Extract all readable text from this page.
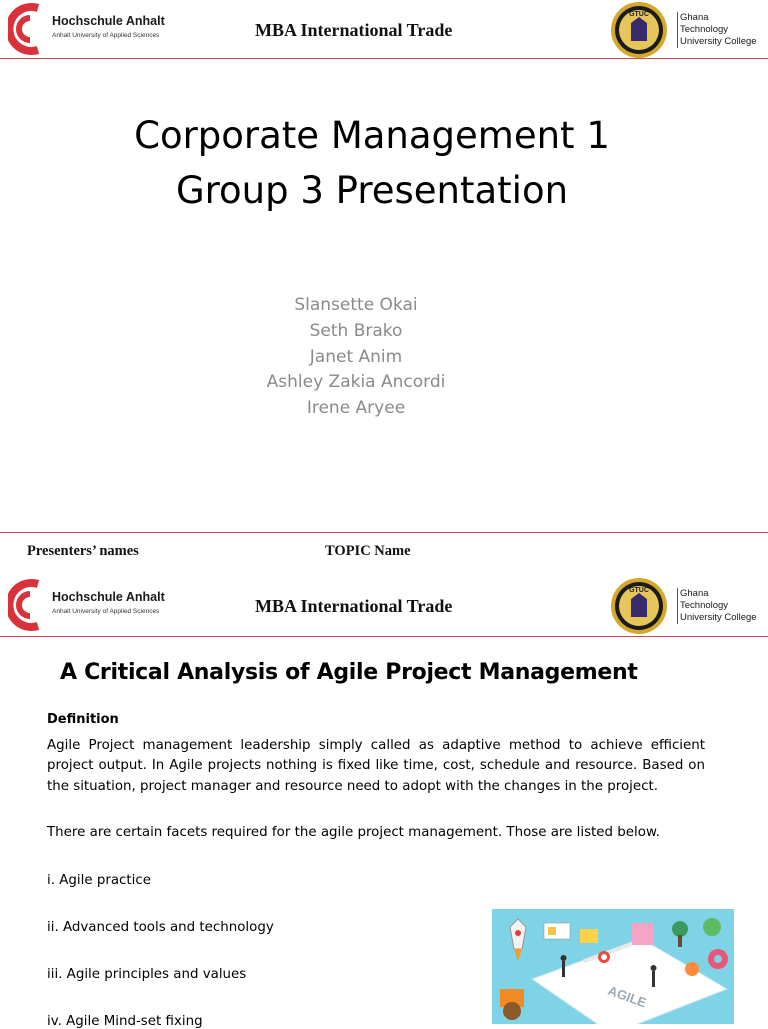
Hochschule Anhalt
Anhalt University of Applied Sciences	MBA International Trade
GTUC	Ghana
Technology
University College
Corporate Management 1
Group 3 Presentation
Slansette Okai
Seth Brako
Janet Anim
Ashley Zakia Ancordi
Irene Aryee
Presenters’ names	TOPIC Name
Hochschule Anhalt
Anhalt University of Applied Sciences	MBA International Trade
GTUC	Ghana
Technology
University College
A Critical Analysis of Agile Project Management
Definition
Agile Project management leadership simply called as adaptive method to achieve efficient project output. In Agile projects nothing is fixed like time, cost, schedule and resource. Based on the situation, project manager and resource need to adopt with the changes in the project.
There are certain facets required for the agile project management. Those are listed below.
i. Agile practice
ii. Advanced tools and technology
iii. Agile principles and values
iv. Agile Mind-set fixing
AGILE
